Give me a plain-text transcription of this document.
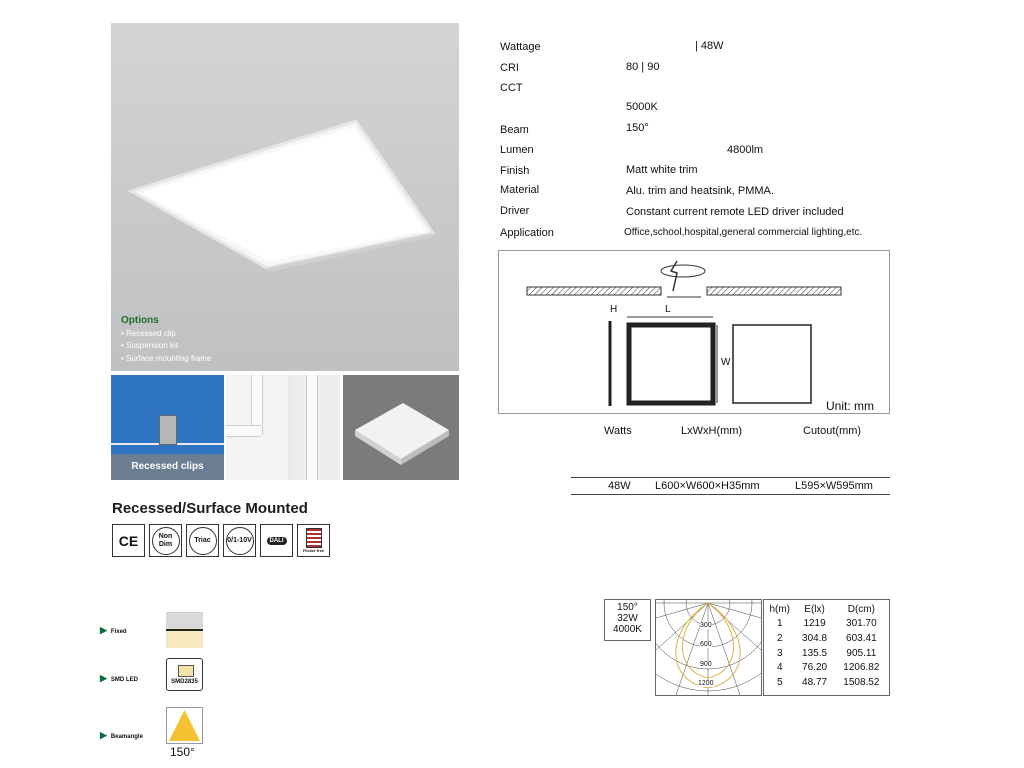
Options
• Recessed clip
• Suspension kit
• Surface mounting frame
Recessed clips
Recessed/Surface Mounted
CE	Non Dim
Triac	0/1-10V	DALI
Flicker free
Wattage	| 48W
CRI	80 | 90
CCT
5000K
Beam	150°
Lumen	4800lm
Finish	Matt white trim
Material	Alu. trim and heatsink, PMMA.
Driver	Constant current remote LED driver included
Application	Office,school,hospital,general commercial lighting,etc.
H	L
W
Unit: mm
Watts	LxWxH(mm)	Cutout(mm)
48W L600×W600×H35mm	L595×W595mm
▶ Fixed
▶ SMD LED	SMD2835
▶ Beamangle
150°
150°
32W
4000K	300
600
900
1200
h(m)	E(lx)	D(cm)
1	1219	301.70
2	304.8	603.41
3	135.5	905.11
4	76.20	1206.82
5	48.77	1508.52
